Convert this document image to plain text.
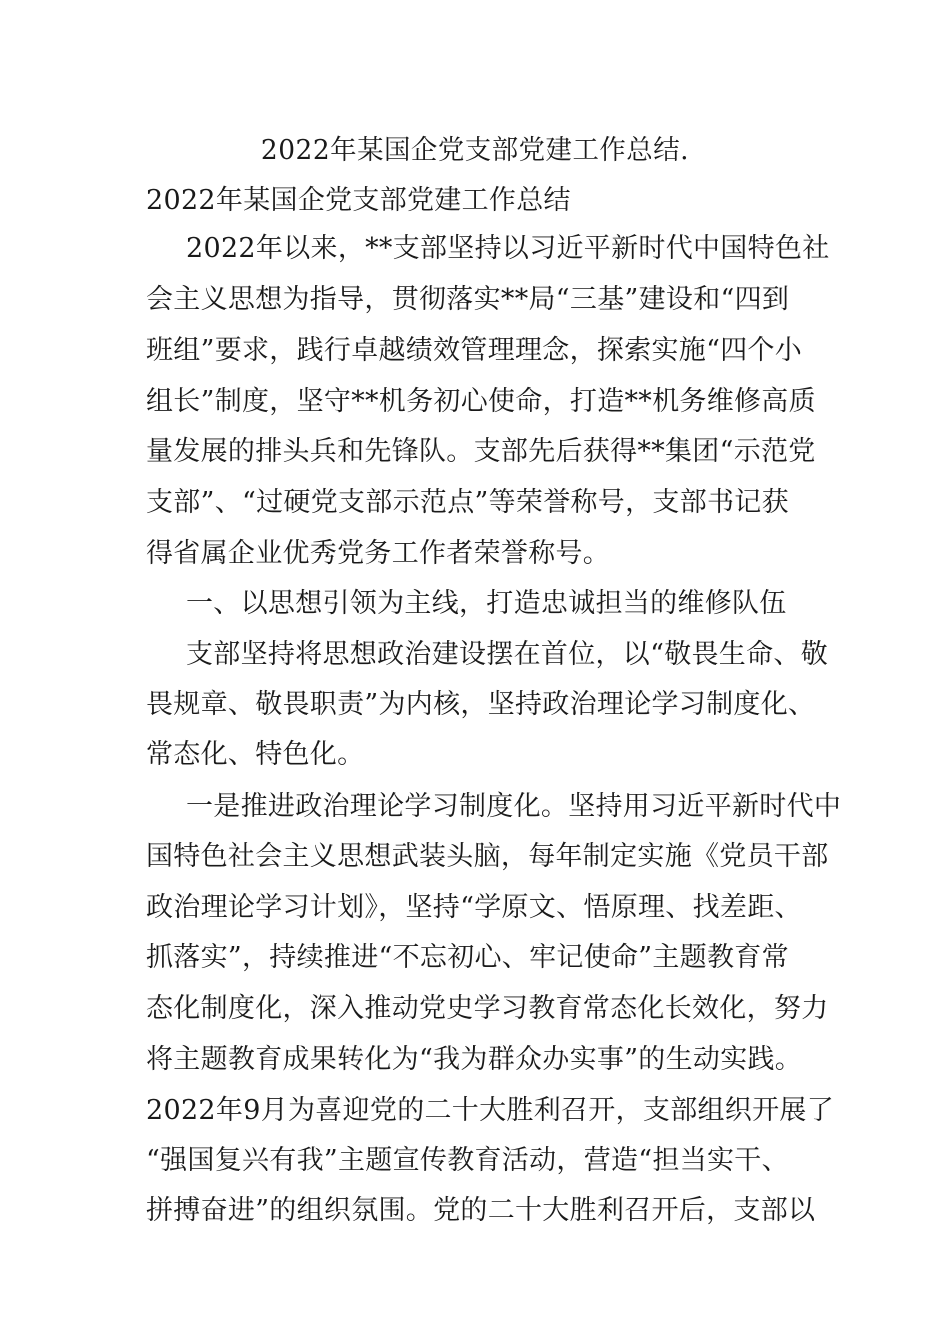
2022年某国企党支部党建工作总结.
2022年某国企党支部党建工作总结
2022年以来，**支部坚持以习近平新时代中国特色社
会主义思想为指导，贯彻落实**局“三基”建设和“四到
班组”要求，践行卓越绩效管理理念，探索实施“四个小
组长”制度，坚守**机务初心使命，打造**机务维修高质
量发展的排头兵和先锋队。支部先后获得**集团“示范党
支部”、“过硬党支部示范点”等荣誉称号，支部书记获
得省属企业优秀党务工作者荣誉称号。
一、以思想引领为主线，打造忠诚担当的维修队伍
支部坚持将思想政治建设摆在首位，以“敬畏生命、敬
畏规章、敬畏职责”为内核，坚持政治理论学习制度化、
常态化、特色化。
一是推进政治理论学习制度化。坚持用习近平新时代中
国特色社会主义思想武装头脑，每年制定实施《党员干部
政治理论学习计划》，坚持“学原文、悟原理、找差距、
抓落实”，持续推进“不忘初心、牢记使命”主题教育常
态化制度化，深入推动党史学习教育常态化长效化，努力
将主题教育成果转化为“我为群众办实事”的生动实践。
2022年9月为喜迎党的二十大胜利召开，支部组织开展了
“强国复兴有我”主题宣传教育活动，营造“担当实干、
拼搏奋进”的组织氛围。党的二十大胜利召开后，支部以
